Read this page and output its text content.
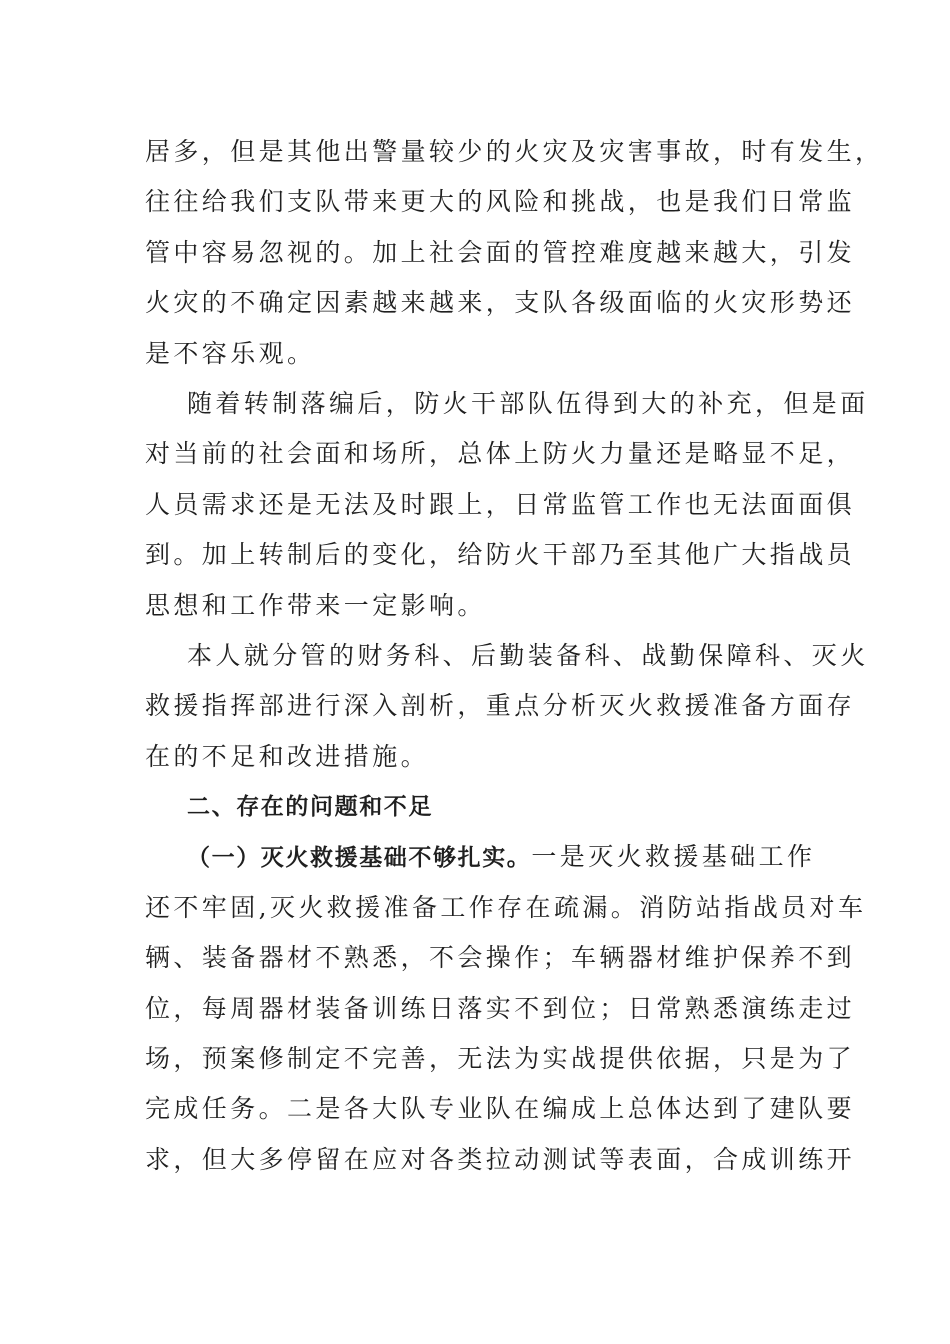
居多，但是其他出警量较少的火灾及灾害事故，时有发生，
往往给我们支队带来更大的风险和挑战，也是我们日常监
管中容易忽视的。加上社会面的管控难度越来越大，引发
火灾的不确定因素越来越来，支队各级面临的火灾形势还
是不容乐观。
随着转制落编后，防火干部队伍得到大的补充，但是面
对当前的社会面和场所，总体上防火力量还是略显不足，
人员需求还是无法及时跟上，日常监管工作也无法面面俱
到。加上转制后的变化，给防火干部乃至其他广大指战员
思想和工作带来一定影响。
本人就分管的财务科、后勤装备科、战勤保障科、灭火
救援指挥部进行深入剖析，重点分析灭火救援准备方面存
在的不足和改进措施。
二、存在的问题和不足
（一）灭火救援基础不够扎实。一是灭火救援基础工作
还不牢固,灭火救援准备工作存在疏漏。消防站指战员对车
辆、装备器材不熟悉，不会操作；车辆器材维护保养不到
位，每周器材装备训练日落实不到位；日常熟悉演练走过
场，预案修制定不完善，无法为实战提供依据，只是为了
完成任务。二是各大队专业队在编成上总体达到了建队要
求，但大多停留在应对各类拉动测试等表面，合成训练开
